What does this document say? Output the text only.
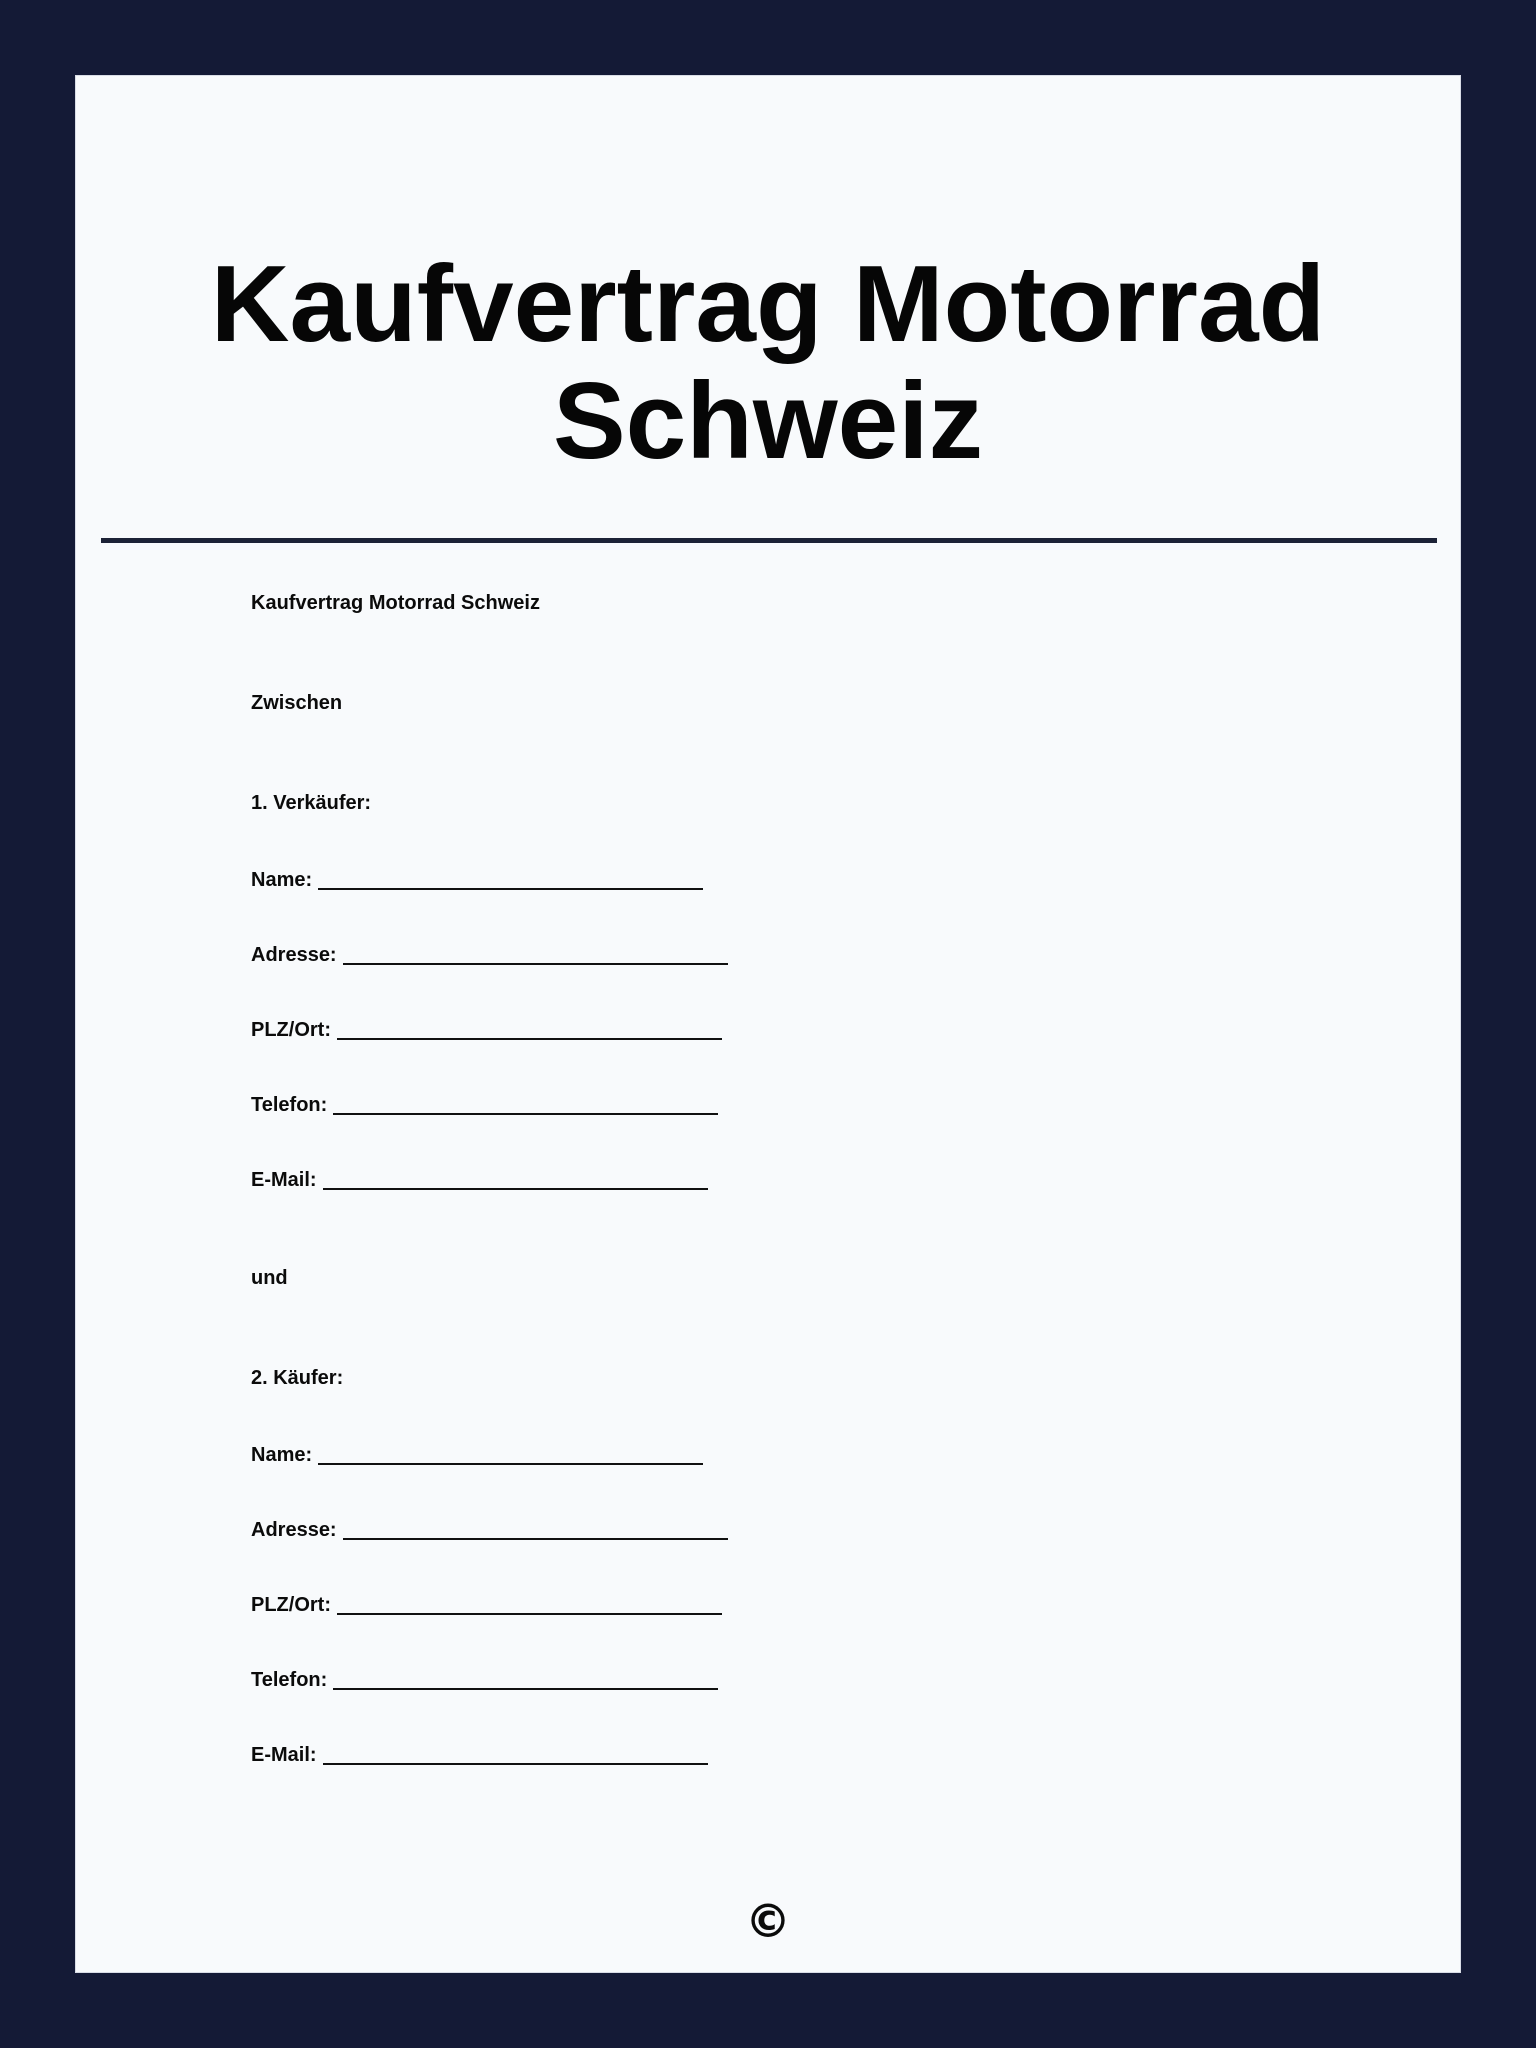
Kaufvertrag Motorrad
Schweiz
Kaufvertrag Motorrad Schweiz
Zwischen
1. Verkäufer:
Name:
Adresse:
PLZ/Ort:
Telefon:
E-Mail:
und
2. Käufer:
Name:
Adresse:
PLZ/Ort:
Telefon:
E-Mail:
©
